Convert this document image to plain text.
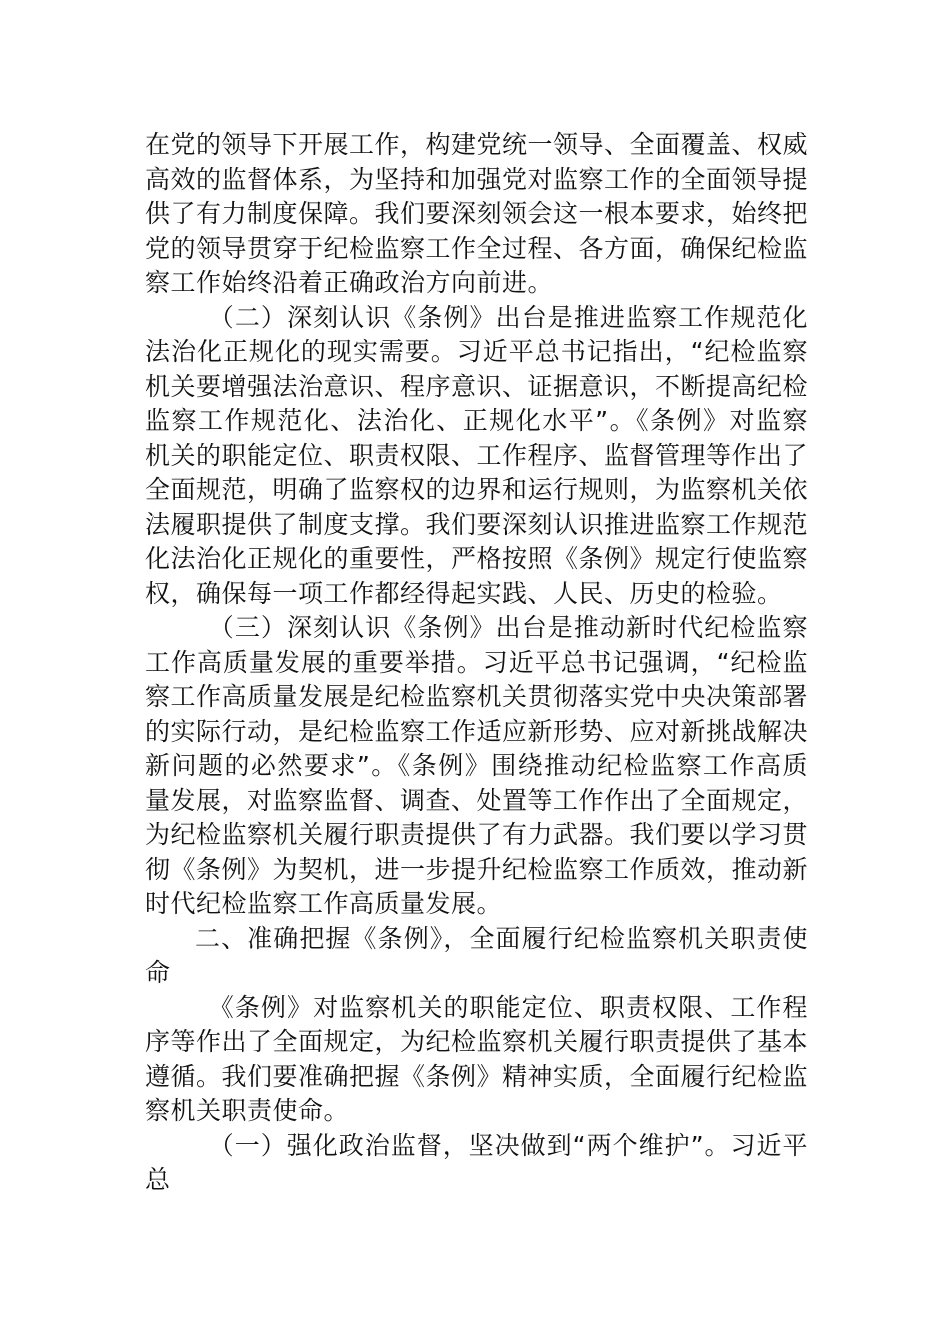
在党的领导下开展工作，构建党统一领导、全面覆盖、权威高效的监督体系，为坚持和加强党对监察工作的全面领导提供了有力制度保障。我们要深刻领会这一根本要求，始终把党的领导贯穿于纪检监察工作全过程、各方面，确保纪检监察工作始终沿着正确政治方向前进。

（二）深刻认识《条例》出台是推进监察工作规范化法治化正规化的现实需要。习近平总书记指出，“纪检监察机关要增强法治意识、程序意识、证据意识，不断提高纪检监察工作规范化、法治化、正规化水平”。《条例》对监察机关的职能定位、职责权限、工作程序、监督管理等作出了全面规范，明确了监察权的边界和运行规则，为监察机关依法履职提供了制度支撑。我们要深刻认识推进监察工作规范化法治化正规化的重要性，严格按照《条例》规定行使监察权，确保每一项工作都经得起实践、人民、历史的检验。

（三）深刻认识《条例》出台是推动新时代纪检监察工作高质量发展的重要举措。习近平总书记强调，“纪检监察工作高质量发展是纪检监察机关贯彻落实党中央决策部署的实际行动，是纪检监察工作适应新形势、应对新挑战解决新问题的必然要求”。《条例》围绕推动纪检监察工作高质量发展，对监察监督、调查、处置等工作作出了全面规定，为纪检监察机关履行职责提供了有力武器。我们要以学习贯彻《条例》为契机，进一步提升纪检监察工作质效，推动新时代纪检监察工作高质量发展。

二、准确把握《条例》，全面履行纪检监察机关职责使命

《条例》对监察机关的职能定位、职责权限、工作程序等作出了全面规定，为纪检监察机关履行职责提供了基本遵循。我们要准确把握《条例》精神实质，全面履行纪检监察机关职责使命。

（一）强化政治监督，坚决做到“两个维护”。习近平总
